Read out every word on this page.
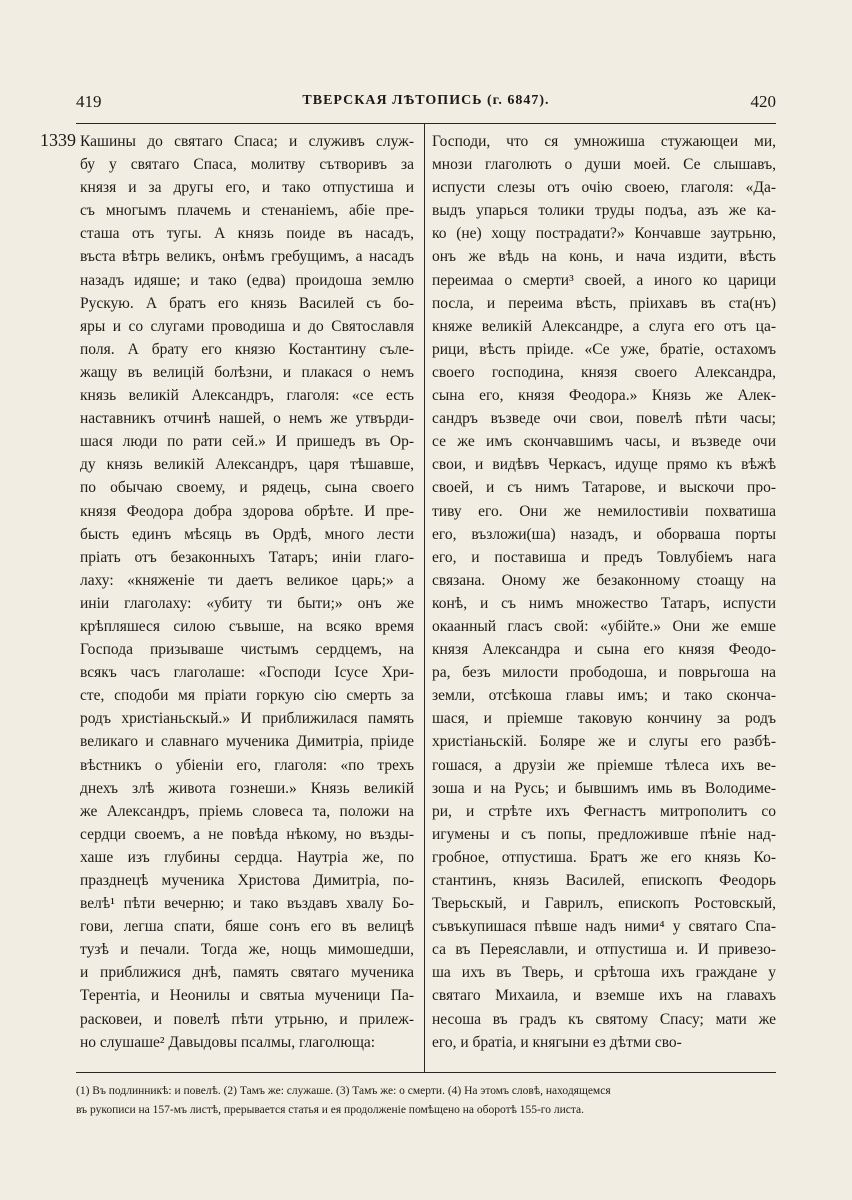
419	ТВЕРСКАЯ ЛѢТОПИСЬ (г. 6847).	420
1339 Кашины до святаго Спаса; и служивъ служ-
бу у святаго Спаса, молитву сътворивъ за
князя и за другы его, и тако отпустиша и
съ многымъ плачемь и стенаніемъ, абіе пре-
сташа отъ тугы. А князь поиде въ насадъ,
въста вѣтрь великъ, онѣмъ гребущимъ, а насадъ
назадъ идяше; и тако (едва) проидоша землю
Рускую. А братъ его князь Василей съ бо-
яры и со слугами проводиша и до Святославля
поля. А брату его князю Костантину сълe-
жащу въ велицій болѣзни, и плакася о немъ
князь великій Александръ, глаголя: «се есть
наставникъ отчинѣ нашей, о немъ же утвърди-
шася люди по рати сей.» И пришедъ въ Ор-
ду князь великій Александръ, царя тѣшавше,
по обычаю своему, и рядець, сына своего
князя Феодора добра здорова обрѣте. И пре-
бысть единъ мѣсяць въ Ордѣ, много лести
пріать отъ безаконныхъ Татаръ; иніи глаго-
лаху: «княженіе ти даетъ великое царь;» а
иніи глаголаху: «убиту ти быти;» онъ же
крѣпляшеся силою съвыше, на всяко время
Господа призываше чистымъ сердцемъ, на
всякъ часъ глаголаше: «Господи Ісусе Хри-
сте, сподоби мя пріати горкую сію смерть за
родъ христіаньскый.» И приближилася память
великаго и славнаго мученика Димитріа, пріиде
вѣстникъ о убіеніи его, глаголя: «по трехъ
днехъ злѣ живота гознеши.» Князь великій
же Александръ, пріемь словеса та, положи на
сердци своемъ, а не повѣда нѣкому, но възды-
хаше изъ глубины сердца. Наутріа же, по
празднецѣ мученика Христова Димитріа, по-
велѣ¹ пѣти вечерню; и тако въздавъ хвалу Бо-
гови, легша спати, бяше сонъ его въ велицѣ
тузѣ и печали. Тогда же, нощь мимошедши,
и приближися днѣ, память святаго мученика
Терентіа, и Неонилы и святыа мученици Па-
расковеи, и повелѣ пѣти утрьню, и прилеж-
но слушаше² Давыдовы псалмы, глаголюща:
Господи, что ся умножиша стужающеи ми,
мнози глаголють о души моей. Се слышавъ,
испусти слезы отъ очію своею, глаголя: «Да-
выдъ упарься толики труды подъа, азъ же ка-
ко (не) хощу пострадати?» Кончавше заутрьню,
онъ же вѣдь на конь, и нача издити, вѣсть
переимаа о смерти³ своей, а иного ко царици
посла, и переима вѣсть, пріихавъ въ ста(нъ)
княже великій Александре, а слуга его отъ ца-
рици, вѣсть пріиде. «Се уже, братіе, остахомъ
своего господина, князя своего Александра,
сына его, князя Феодора.» Князь же Алек-
сандръ възведе очи свои, повелѣ пѣти часы;
се же имъ скончавшимъ часы, и възведе очи
свои, и видѣвъ Черкасъ, идуще прямо къ вѣжѣ
своей, и съ нимъ Татарове, и выскочи про-
тиву его. Они же немилостивіи похватиша
его, възложи(ша) назадъ, и оборваша порты
его, и поставиша и предъ Товлубіемъ нага
связана. Оному же безаконному стоащу на
конѣ, и съ нимъ множество Татаръ, испусти
окаанный гласъ свой: «убійте.» Они же емше
князя Александра и сына его князя Феодо-
ра, безъ милости прободоша, и поврьгоша на
земли, отсѣкоша главы имъ; и тако сконча-
шася, и пріемше таковую кончину за родъ
христіаньскій. Боляре же и слугы его разбѣ-
гошася, а друзіи же пріемше тѣлеса ихъ ве-
зоша и на Русь; и бывшимъ имь въ Володиме-
ри, и стрѣте ихъ Фегнастъ митрополитъ со
игумены и съ попы, предложивше пѣніе над-
гробное, отпустиша. Братъ же его князь Ко-
стантинъ, князь Василей, епископъ Феодорь
Тверьскый, и Гаврилъ, епископъ Ростовскый,
съвъкупишася пѣвше надъ ними⁴ у святаго Спа-
са въ Переяславли, и отпустиша и. И привезо-
ша ихъ въ Тверь, и срѣтоша ихъ граждане у
святаго Михаила, и вземше ихъ на главахъ
несоша въ градъ къ святому Спасу; мати же
его, и братіа, и княгыни ез дѣтми сво-
(1) Въ подлинникѣ: и повелѣ. (2) Тамъ же: служаше. (3) Тамъ же: о смерти. (4) На этомъ словѣ, находящемся
въ рукописи на 157-мъ листѣ, прерывается статья и ея продолженіе помѣщено на оборотѣ 155-го листа.
